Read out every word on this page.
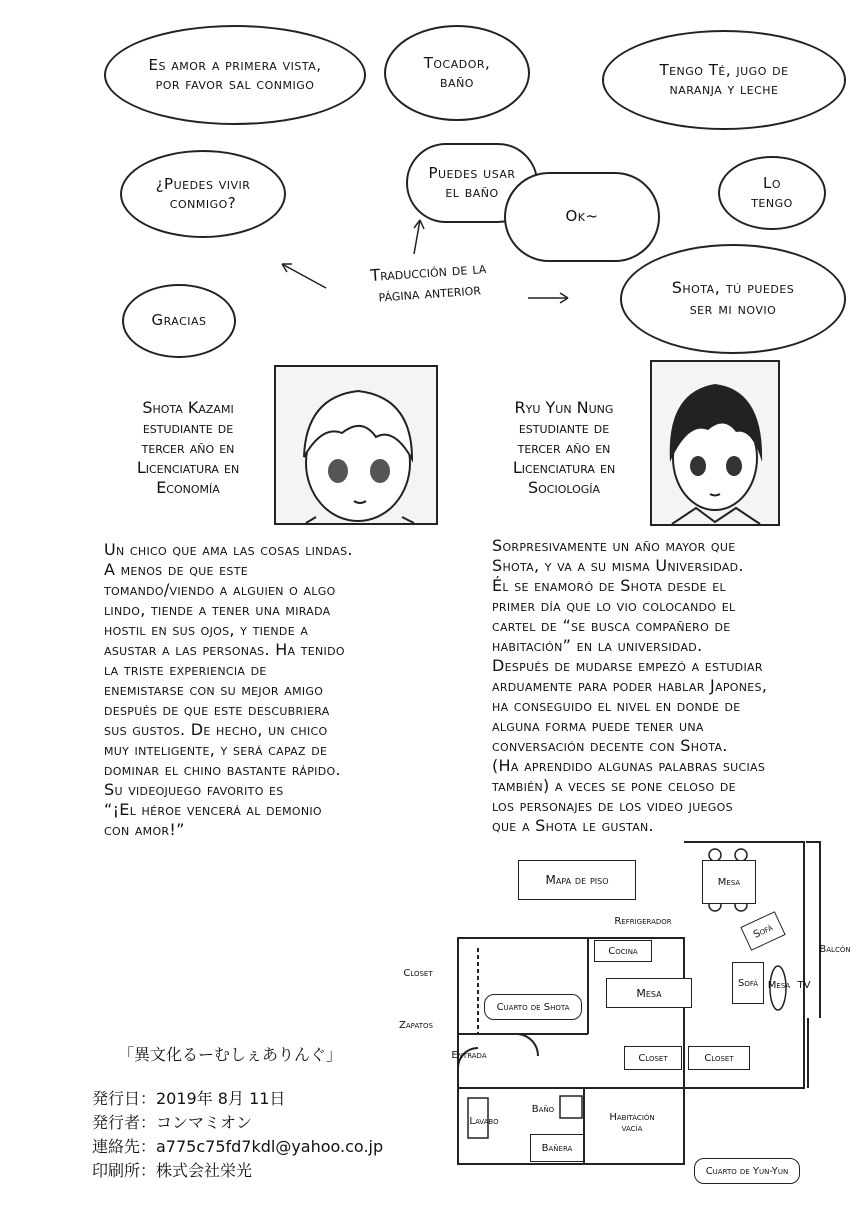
Es amor a primera vista,
por favor sal conmigo
Tocador,
baño
Tengo Té, jugo de
naranja y leche
¿Puedes vivir
conmigo?
Puedes usar
el baño
Ok~
Lo
tengo
Gracias
Shota, tú puedes
ser mi novio
Traducción de la
página anterior
Shota Kazami
estudiante de
tercer año en
Licenciatura en
Economía
Ryu Yun Nung
estudiante de
tercer año en
Licenciatura en
Sociología
Un chico que ama las cosas lindas.
A menos de que este
tomando/viendo a alguien o algo
lindo, tiende a tener una mirada
hostil en sus ojos, y tiende a
asustar a las personas. Ha tenido
la triste experiencia de
enemistarse con su mejor amigo
después de que este descubriera
sus gustos. De hecho, un chico
muy inteligente, y será capaz de
dominar el chino bastante rápido.
Su videojuego favorito es
“¡El héroe vencerá al demonio
con amor!”
Sorpresivamente un año mayor que
Shota, y va a su misma Universidad.
Él se enamoró de Shota desde el
primer día que lo vio colocando el
cartel de “se busca compañero de
habitación” en la universidad.
Después de mudarse empezó a estudiar
arduamente para poder hablar Japones,
ha conseguido el nivel en donde de
alguna forma puede tener una
conversación decente con Shota.
(Ha aprendido algunas palabras sucias
también) a veces se pone celoso de
los personajes de los video juegos
que a Shota le gustan.
「異文化るーむしぇありんぐ」
発行日：2019年 8月 11日
発行者：コンマミオン
連絡先：a775c75fd7kdl@yahoo.co.jp
印刷所：株式会社栄光
Mapa de piso	Mesa
Refrigerador
Sofá
Balcón
Closet
Cocina
Sofá Mesa TV
Mesa
Cuarto de Shota
Zapatos
Entrada	Closet	Closet
Lavabo
Baño
Habitación
vacía
Bañera
Cuarto de Yun-Yun
